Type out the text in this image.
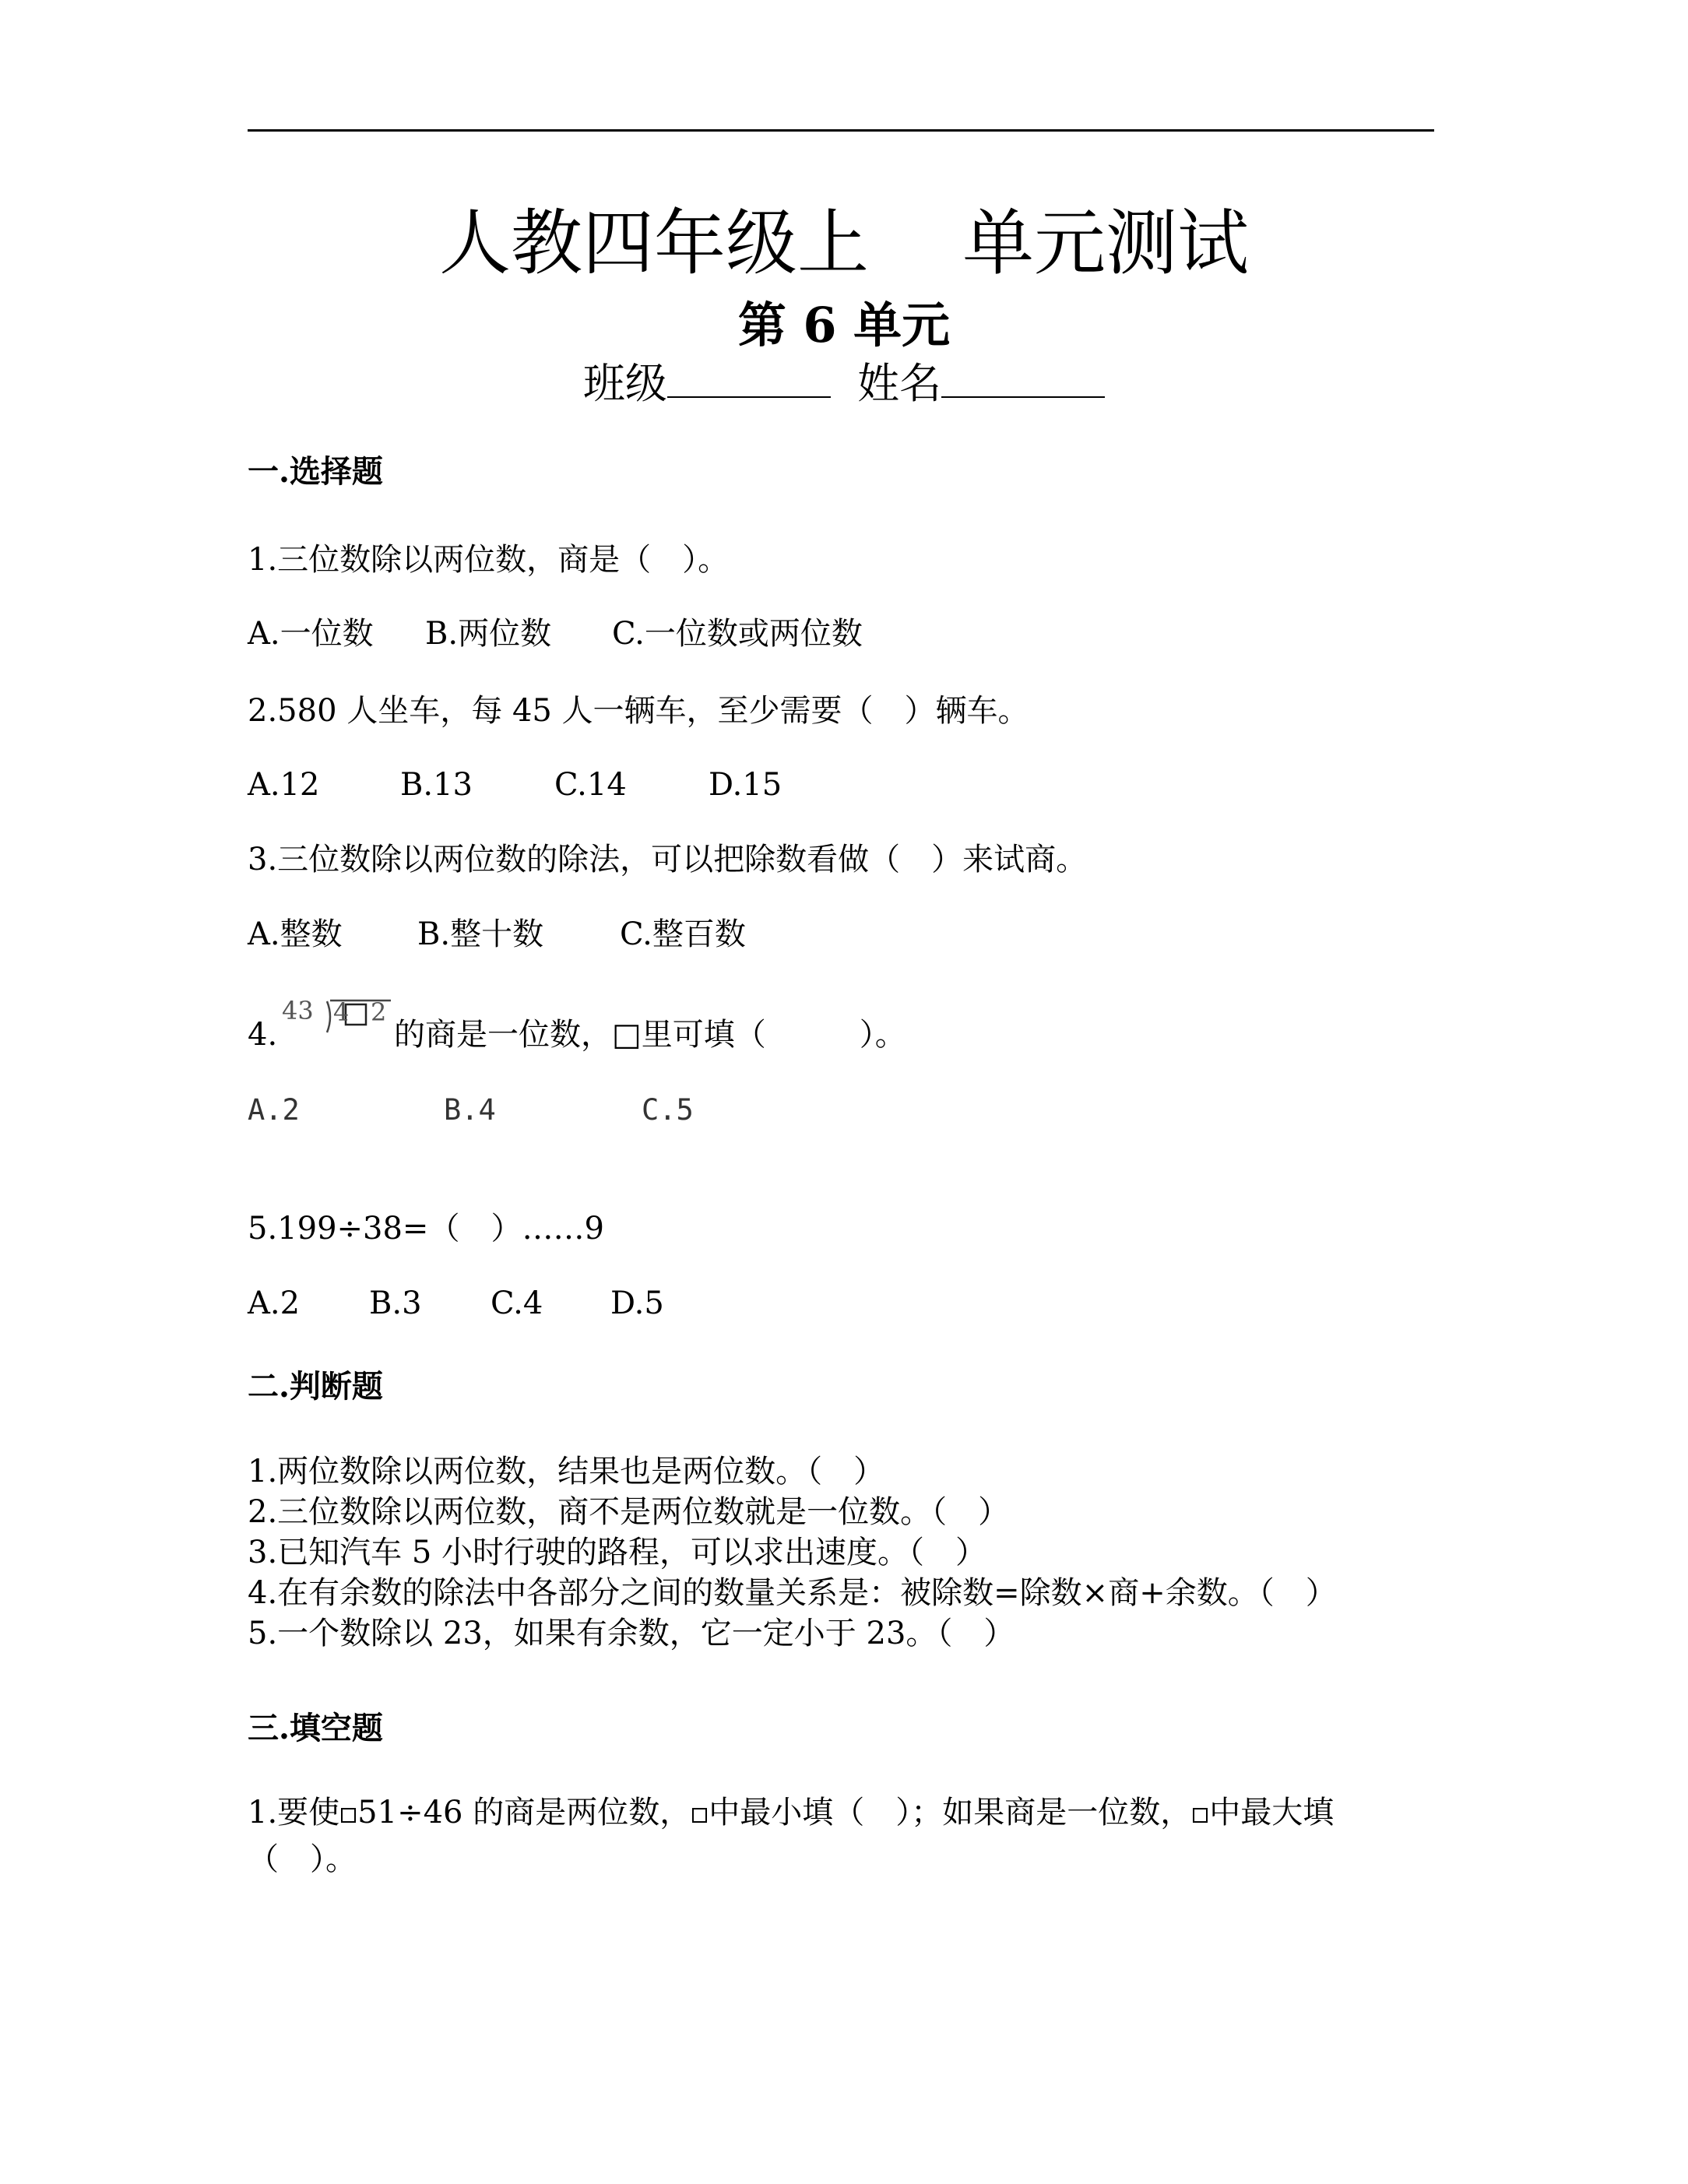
人教四年级上 单元测试
第 6 单元
班级	姓名
一.选择题
1.三位数除以两位数，商是（　）。
A.一位数 B.两位数 C.一位数或两位数
2.580 人坐车，每 45 人一辆车，至少需要（　）辆车。
A.12	B.13	C.14	D.15
3.三位数除以两位数的除法，可以把除数看做（　）来试商。
A.整数 B.整十数 C.整百数
4.
43 4 2
的商是一位数，□里可填（　　　）。
A.2	B.4	C.5
5.199÷38=（　）……9
A.2 B.3 C.4 D.5
二.判断题
1.两位数除以两位数，结果也是两位数。（　）
2.三位数除以两位数，商不是两位数就是一位数。（　）
3.已知汽车 5 小时行驶的路程，可以求出速度。（　）
4.在有余数的除法中各部分之间的数量关系是：被除数=除数×商+余数。（　）
5.一个数除以 23，如果有余数，它一定小于 23。（　）
三.填空题
1.要使 51÷46 的商是两位数， 中最小填（　）；如果商是一位数， 中最大填
（　）。
